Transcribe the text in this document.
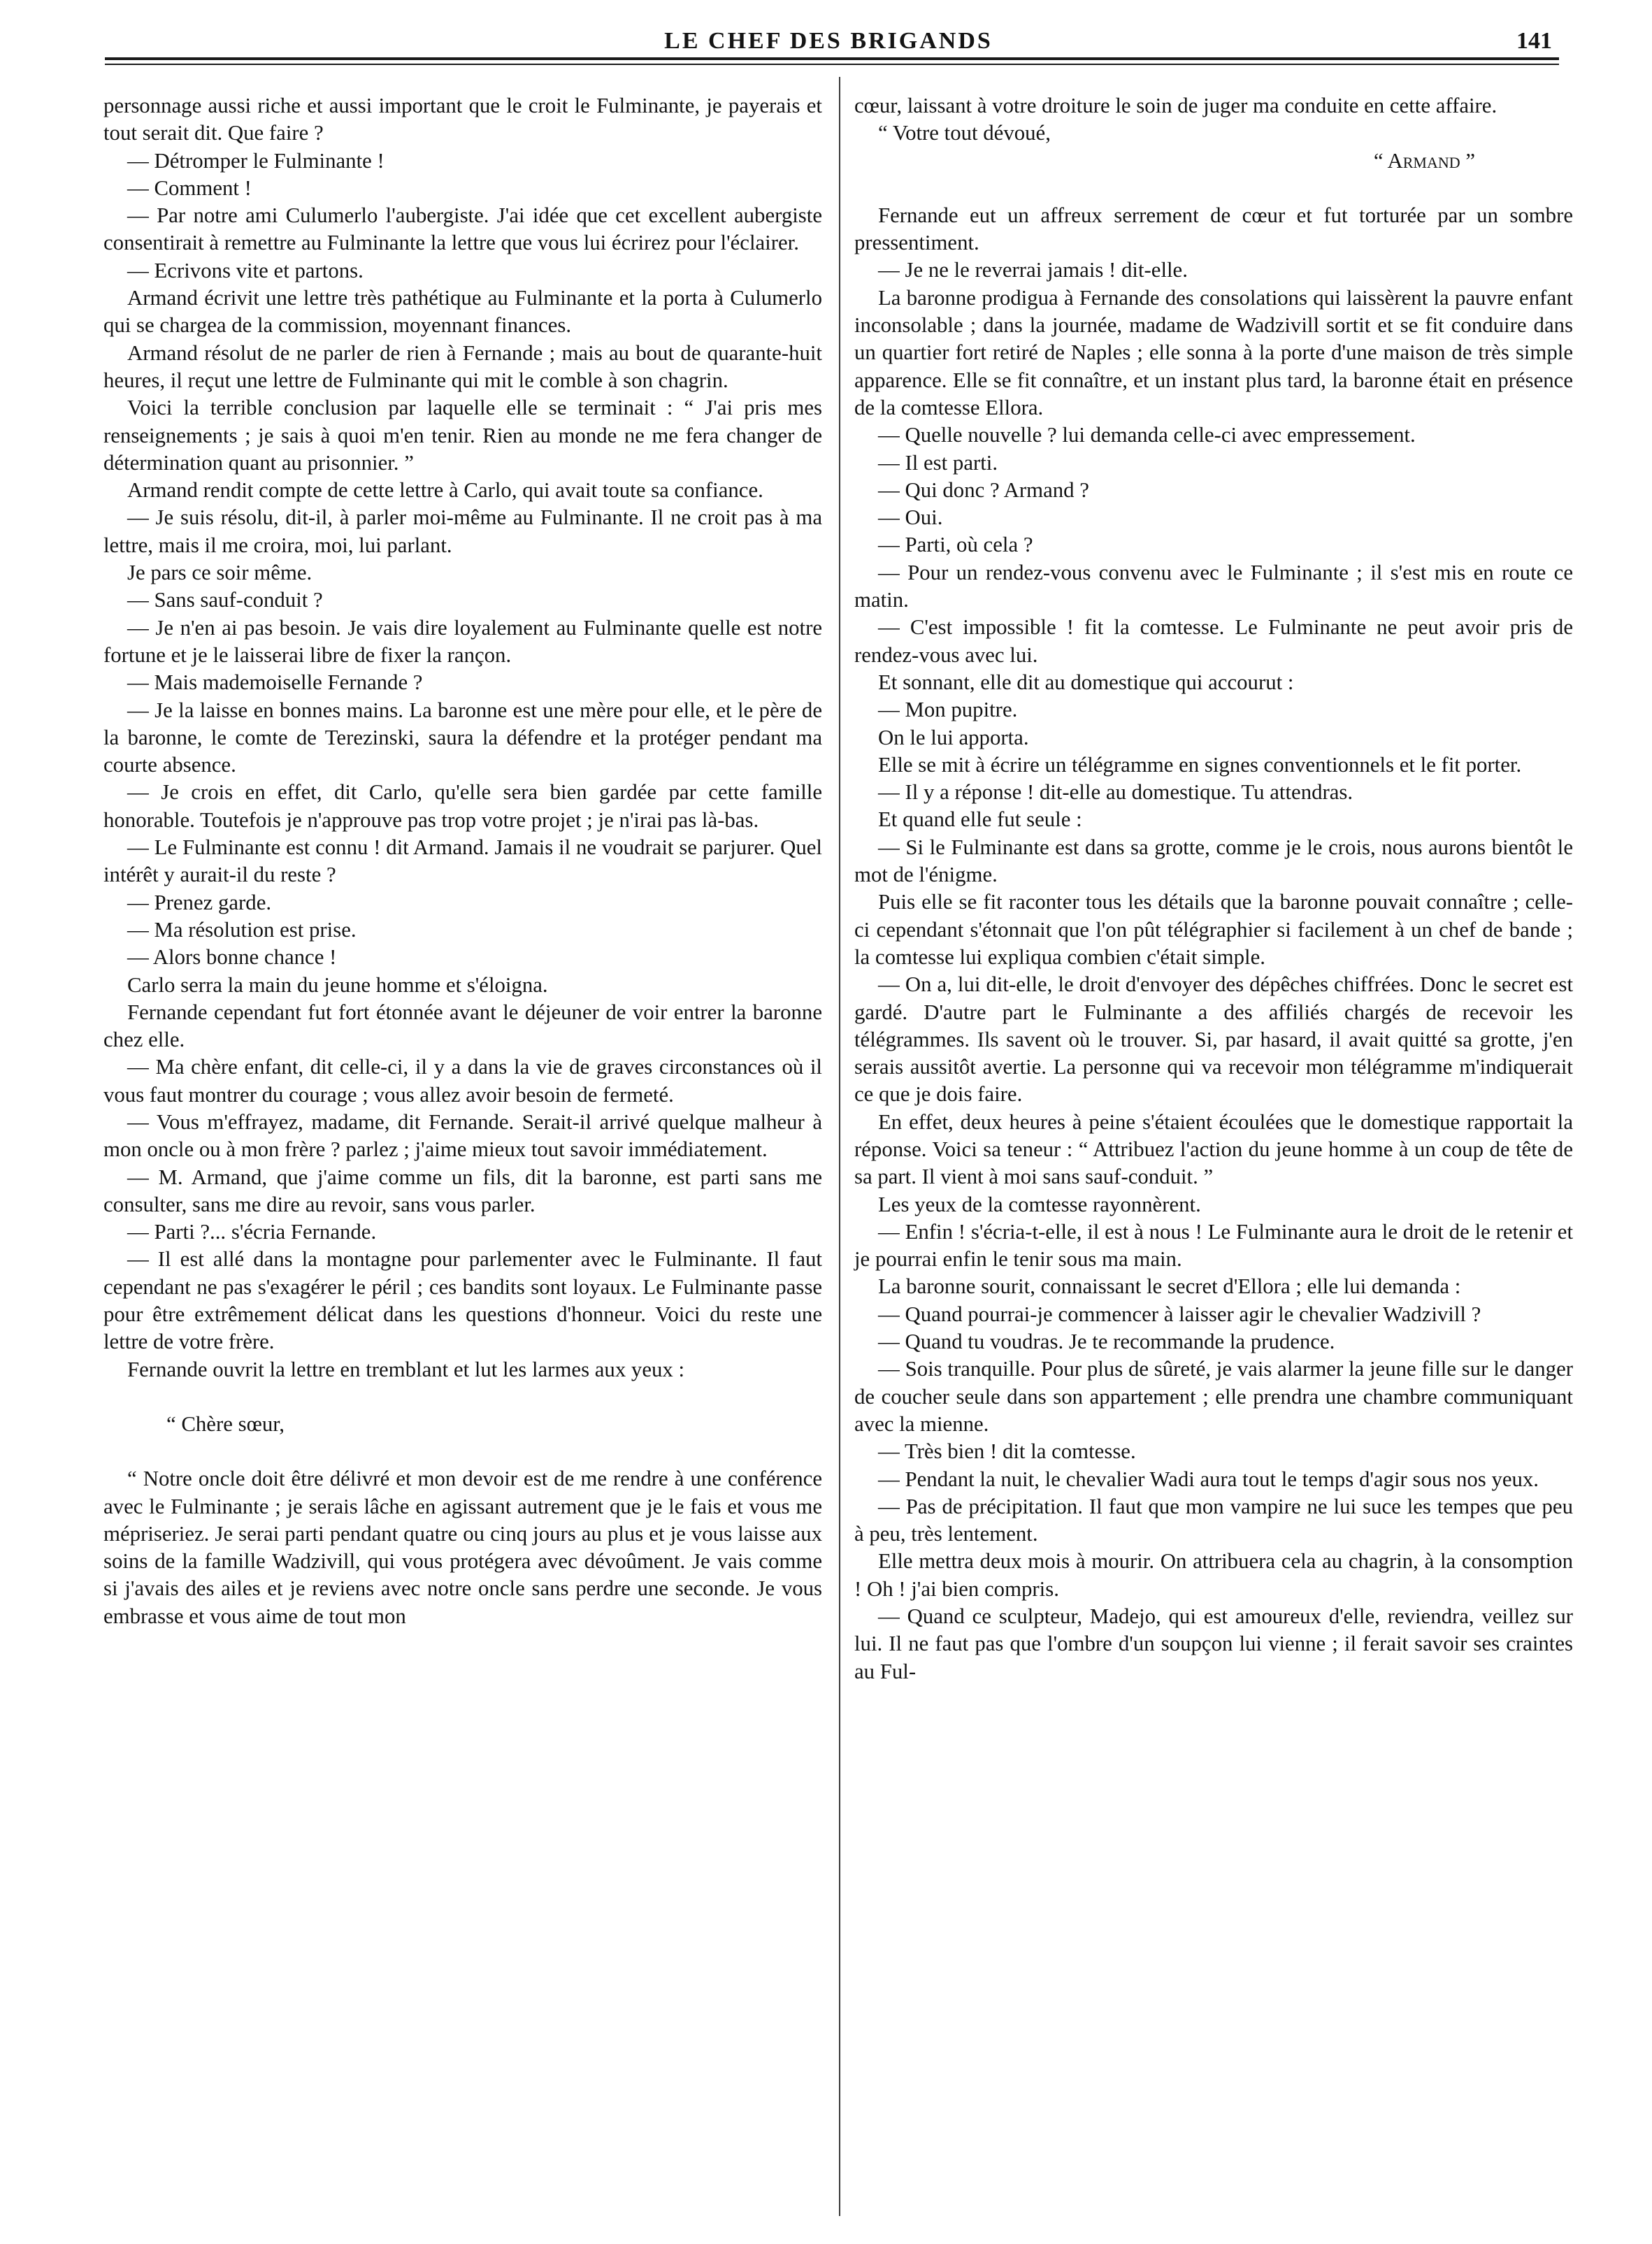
LE CHEF DES BRIGANDS	141

personnage aussi riche et aussi important que le croit le Fulminante, je payerais et tout serait dit. Que faire ?

— Détromper le Fulminante !

— Comment !

— Par notre ami Culumerlo l'aubergiste. J'ai idée que cet excellent aubergiste consentirait à remettre au Fulminante la lettre que vous lui écrirez pour l'éclairer.

— Ecrivons vite et partons.

Armand écrivit une lettre très pathétique au Fulminante et la porta à Culumerlo qui se chargea de la commission, moyennant finances.

Armand résolut de ne parler de rien à Fernande ; mais au bout de quarante-huit heures, il reçut une lettre de Fulminante qui mit le comble à son chagrin.

Voici la terrible conclusion par laquelle elle se terminait : “ J'ai pris mes renseignements ; je sais à quoi m'en tenir. Rien au monde ne me fera changer de détermination quant au prisonnier. ”

Armand rendit compte de cette lettre à Carlo, qui avait toute sa confiance.

— Je suis résolu, dit-il, à parler moi-même au Fulminante. Il ne croit pas à ma lettre, mais il me croira, moi, lui parlant.

Je pars ce soir même.

— Sans sauf-conduit ?

— Je n'en ai pas besoin. Je vais dire loyalement au Fulminante quelle est notre fortune et je le laisserai libre de fixer la rançon.

— Mais mademoiselle Fernande ?

— Je la laisse en bonnes mains. La baronne est une mère pour elle, et le père de la baronne, le comte de Terezinski, saura la défendre et la protéger pendant ma courte absence.

— Je crois en effet, dit Carlo, qu'elle sera bien gardée par cette famille honorable. Toutefois je n'approuve pas trop votre projet ; je n'irai pas là-bas.

— Le Fulminante est connu ! dit Armand. Jamais il ne voudrait se parjurer. Quel intérêt y aurait-il du reste ?

— Prenez garde.

— Ma résolution est prise.

— Alors bonne chance !

Carlo serra la main du jeune homme et s'éloigna.

Fernande cependant fut fort étonnée avant le déjeuner de voir entrer la baronne chez elle.

— Ma chère enfant, dit celle-ci, il y a dans la vie de graves circonstances où il vous faut montrer du courage ; vous allez avoir besoin de fermeté.

— Vous m'effrayez, madame, dit Fernande. Serait-il arrivé quelque malheur à mon oncle ou à mon frère ? parlez ; j'aime mieux tout savoir immédiatement.

— M. Armand, que j'aime comme un fils, dit la baronne, est parti sans me consulter, sans me dire au revoir, sans vous parler.

— Parti ?... s'écria Fernande.

— Il est allé dans la montagne pour parlementer avec le Fulminante. Il faut cependant ne pas s'exagérer le péril ; ces bandits sont loyaux. Le Fulminante passe pour être extrêmement délicat dans les questions d'honneur. Voici du reste une lettre de votre frère.

Fernande ouvrit la lettre en tremblant et lut les larmes aux yeux :

“ Chère sœur,

“ Notre oncle doit être délivré et mon devoir est de me rendre à une conférence avec le Fulminante ; je serais lâche en agissant autrement que je le fais et vous me mépriseriez. Je serai parti pendant quatre ou cinq jours au plus et je vous laisse aux soins de la famille Wadzivill, qui vous protégera avec dévoûment. Je vais comme si j'avais des ailes et je reviens avec notre oncle sans perdre une seconde. Je vous embrasse et vous aime de tout mon

cœur, laissant à votre droiture le soin de juger ma conduite en cette affaire.

“ Votre tout dévoué,

“ Armand ”

Fernande eut un affreux serrement de cœur et fut torturée par un sombre pressentiment.

— Je ne le reverrai jamais ! dit-elle.

La baronne prodigua à Fernande des consolations qui laissèrent la pauvre enfant inconsolable ; dans la journée, madame de Wadzivill sortit et se fit conduire dans un quartier fort retiré de Naples ; elle sonna à la porte d'une maison de très simple apparence. Elle se fit connaître, et un instant plus tard, la baronne était en présence de la comtesse Ellora.

— Quelle nouvelle ? lui demanda celle-ci avec empressement.

— Il est parti.

— Qui donc ? Armand ?

— Oui.

— Parti, où cela ?

— Pour un rendez-vous convenu avec le Fulminante ; il s'est mis en route ce matin.

— C'est impossible ! fit la comtesse. Le Fulminante ne peut avoir pris de rendez-vous avec lui.

Et sonnant, elle dit au domestique qui accourut :

— Mon pupitre.

On le lui apporta.

Elle se mit à écrire un télégramme en signes conventionnels et le fit porter.

— Il y a réponse ! dit-elle au domestique. Tu attendras.

Et quand elle fut seule :

— Si le Fulminante est dans sa grotte, comme je le crois, nous aurons bientôt le mot de l'énigme.

Puis elle se fit raconter tous les détails que la baronne pouvait connaître ; celle-ci cependant s'étonnait que l'on pût télégraphier si facilement à un chef de bande ; la comtesse lui expliqua combien c'était simple.

— On a, lui dit-elle, le droit d'envoyer des dépêches chiffrées. Donc le secret est gardé. D'autre part le Fulminante a des affiliés chargés de recevoir les télégrammes. Ils savent où le trouver. Si, par hasard, il avait quitté sa grotte, j'en serais aussitôt avertie. La personne qui va recevoir mon télégramme m'indiquerait ce que je dois faire.

En effet, deux heures à peine s'étaient écoulées que le domestique rapportait la réponse. Voici sa teneur : “ Attribuez l'action du jeune homme à un coup de tête de sa part. Il vient à moi sans sauf-conduit. ”

Les yeux de la comtesse rayonnèrent.

— Enfin ! s'écria-t-elle, il est à nous ! Le Fulminante aura le droit de le retenir et je pourrai enfin le tenir sous ma main.

La baronne sourit, connaissant le secret d'Ellora ; elle lui demanda :

— Quand pourrai-je commencer à laisser agir le chevalier Wadzivill ?

— Quand tu voudras. Je te recommande la prudence.

— Sois tranquille. Pour plus de sûreté, je vais alarmer la jeune fille sur le danger de coucher seule dans son appartement ; elle prendra une chambre communiquant avec la mienne.

— Très bien ! dit la comtesse.

— Pendant la nuit, le chevalier Wadi aura tout le temps d'agir sous nos yeux.

— Pas de précipitation. Il faut que mon vampire ne lui suce les tempes que peu à peu, très lentement.

Elle mettra deux mois à mourir. On attribuera cela au chagrin, à la consomption ! Oh ! j'ai bien compris.

— Quand ce sculpteur, Madejo, qui est amoureux d'elle, reviendra, veillez sur lui. Il ne faut pas que l'ombre d'un soupçon lui vienne ; il ferait savoir ses craintes au Ful-
